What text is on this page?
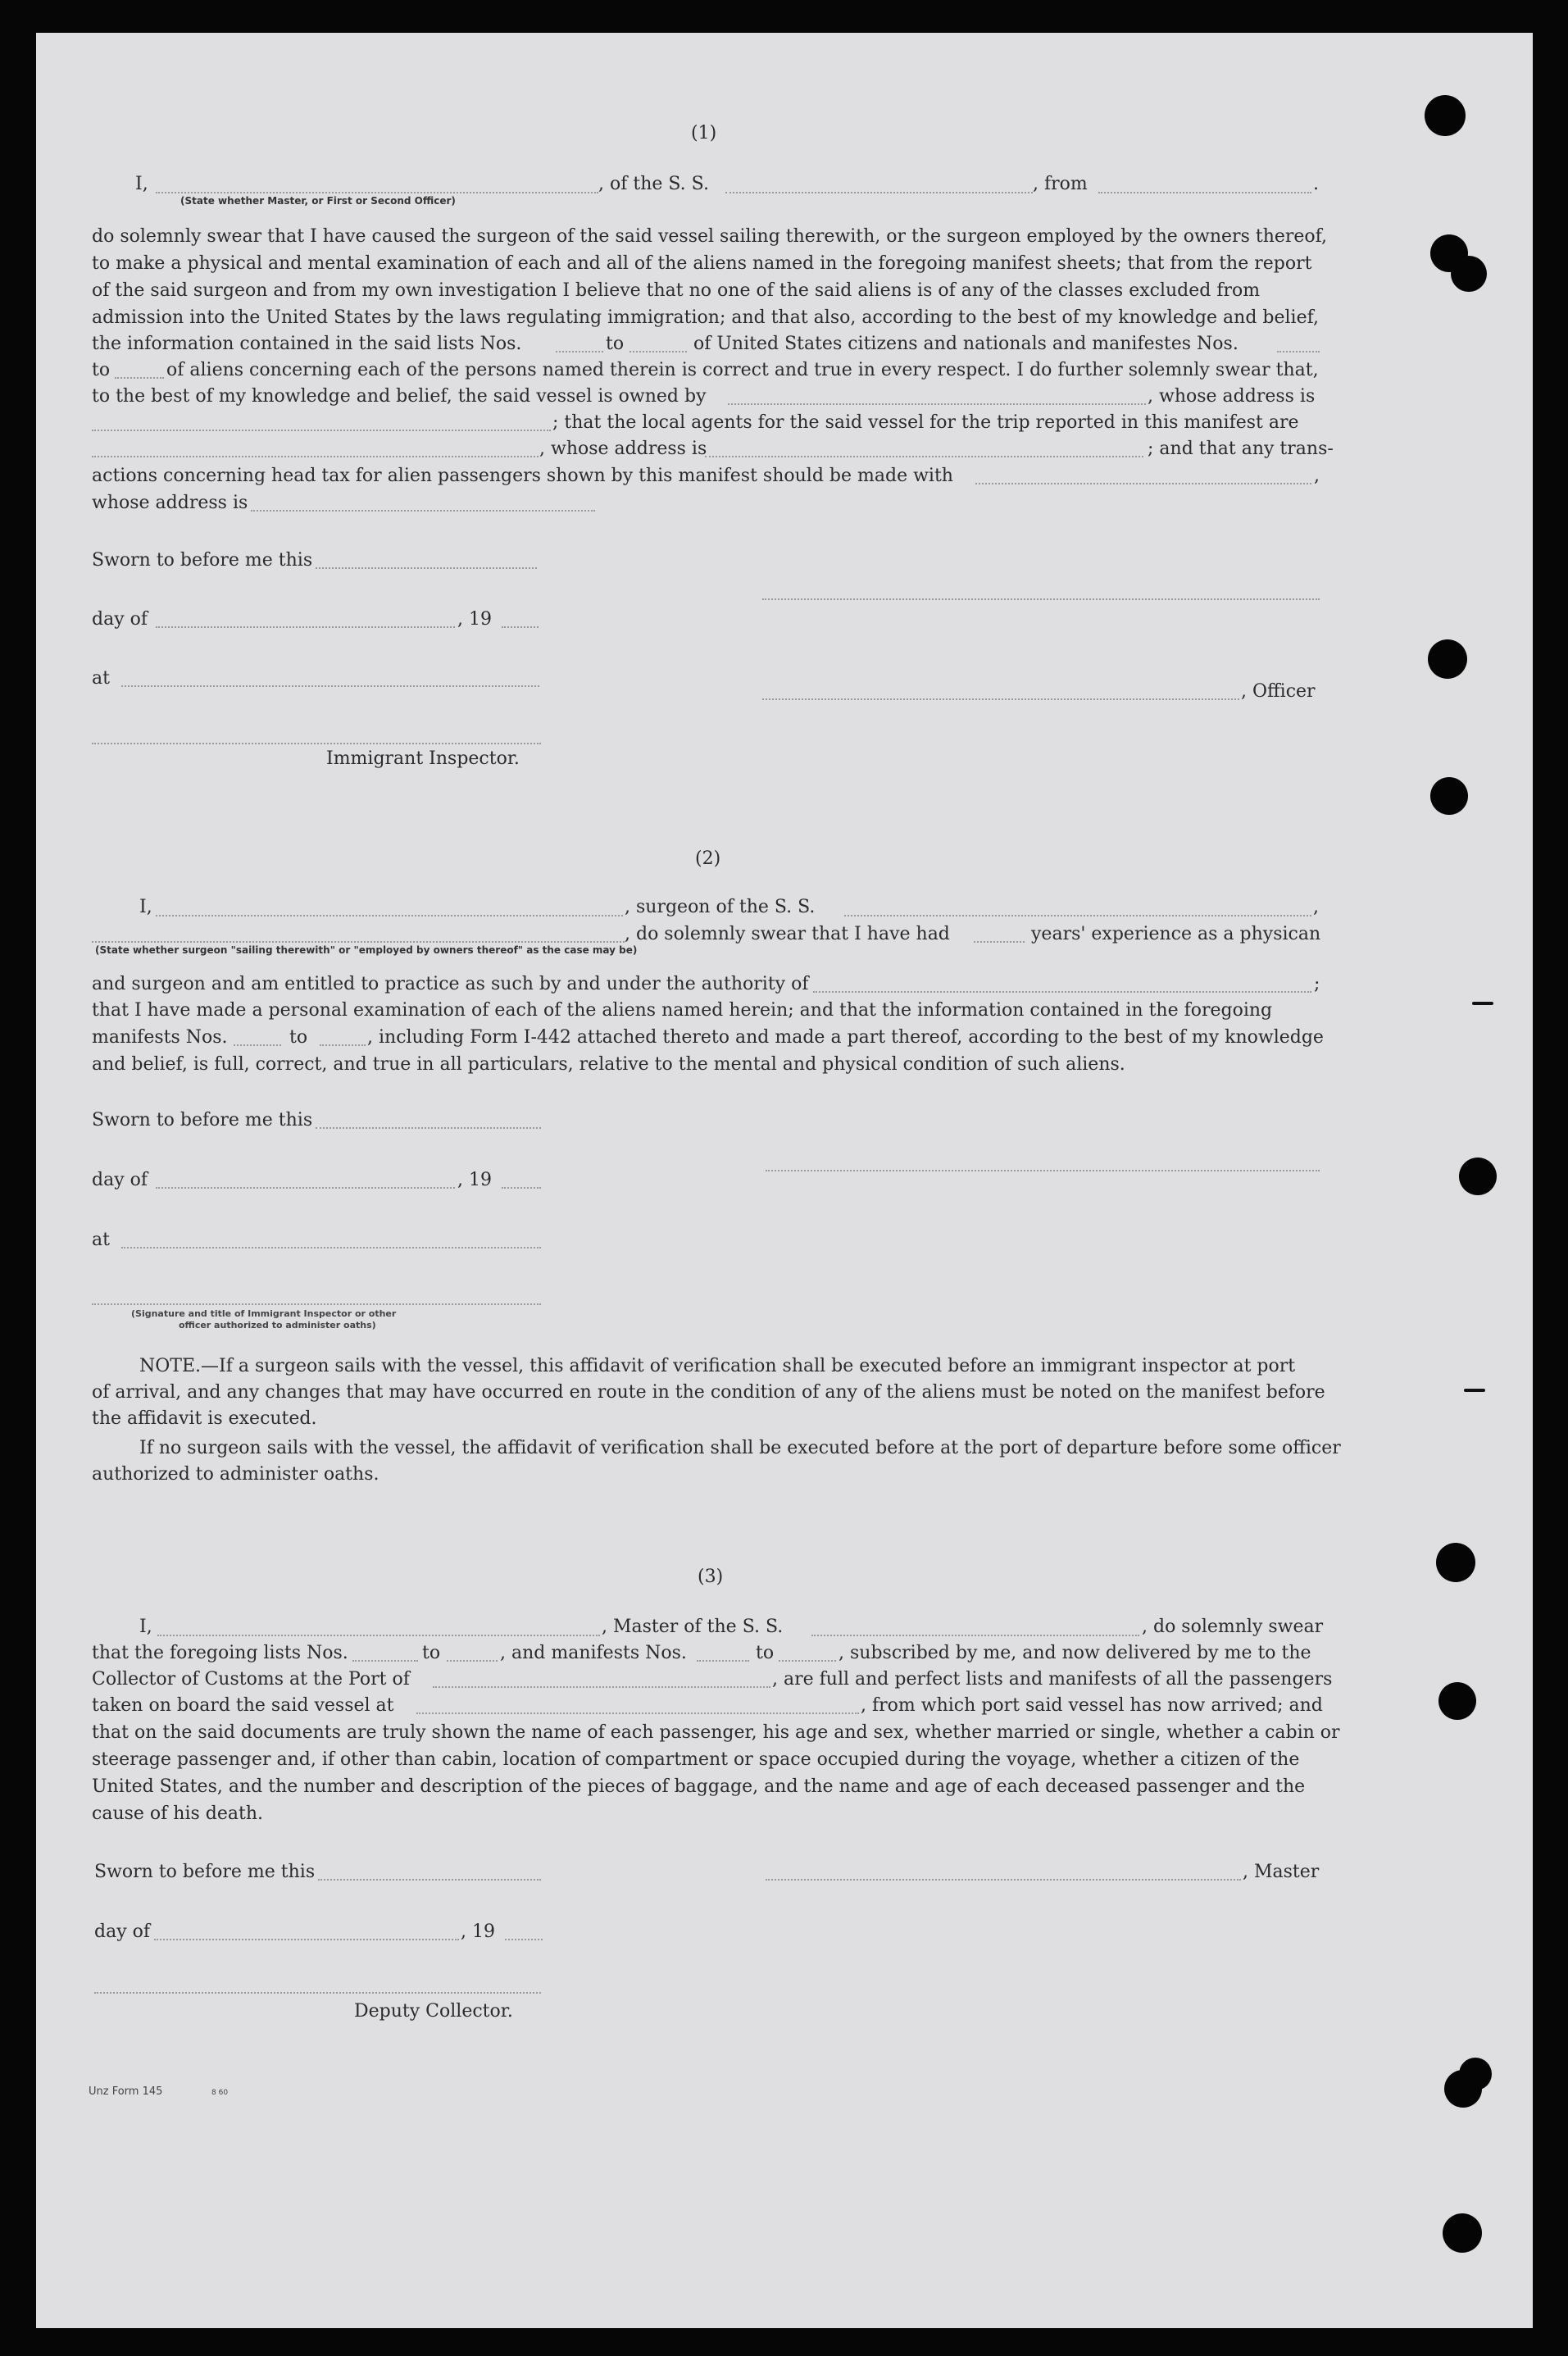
(1)
I,	, of the S. S.	, from	.
(State whether Master, or First or Second Officer)
do solemnly swear that I have caused the surgeon of the said vessel sailing therewith, or the surgeon employed by the owners thereof,
to make a physical and mental examination of each and all of the aliens named in the foregoing manifest sheets; that from the report
of the said surgeon and from my own investigation I believe that no one of the said aliens is of any of the classes excluded from
admission into the United States by the laws regulating immigration; and that also, according to the best of my knowledge and belief,
the information contained in the said lists Nos.	to	of United States citizens and nationals and manifestes Nos.
to	of aliens concerning each of the persons named therein is correct and true in every respect. I do further solemnly swear that,
to the best of my knowledge and belief, the said vessel is owned by	, whose address is
; that the local agents for the said vessel for the trip reported in this manifest are
, whose address is	; and that any trans-
actions concerning head tax for alien passengers shown by this manifest should be made with	,
whose address is
Sworn to before me this
day of	, 19
at
, Officer
Immigrant Inspector.
(2)
I,	, surgeon of the S. S.	,
, do solemnly swear that I have had	years' experience as a physican
(State whether surgeon "sailing therewith" or "employed by owners thereof" as the case may be)
and surgeon and am entitled to practice as such by and under the authority of	;
that I have made a personal examination of each of the aliens named herein; and that the information contained in the foregoing
manifests Nos.	to	, including Form I-442 attached thereto and made a part thereof, according to the best of my knowledge
and belief, is full, correct, and true in all particulars, relative to the mental and physical condition of such aliens.
Sworn to before me this
day of	, 19
at
(Signature and title of Immigrant Inspector or other
officer authorized to administer oaths)
NOTE.—If a surgeon sails with the vessel, this affidavit of verification shall be executed before an immigrant inspector at port
of arrival, and any changes that may have occurred en route in the condition of any of the aliens must be noted on the manifest before
the affidavit is executed.
If no surgeon sails with the vessel, the affidavit of verification shall be executed before at the port of departure before some officer
authorized to administer oaths.
(3)
I,	, Master of the S. S.	, do solemnly swear
that the foregoing lists Nos.	to	, and manifests Nos.	to	, subscribed by me, and now delivered by me to the
Collector of Customs at the Port of	, are full and perfect lists and manifests of all the passengers
taken on board the said vessel at	, from which port said vessel has now arrived; and
that on the said documents are truly shown the name of each passenger, his age and sex, whether married or single, whether a cabin or
steerage passenger and, if other than cabin, location of compartment or space occupied during the voyage, whether a citizen of the
United States, and the number and description of the pieces of baggage, and the name and age of each deceased passenger and the
cause of his death.
Sworn to before me this	, Master
day of	, 19
Deputy Collector.
Unz Form 145	8 60
